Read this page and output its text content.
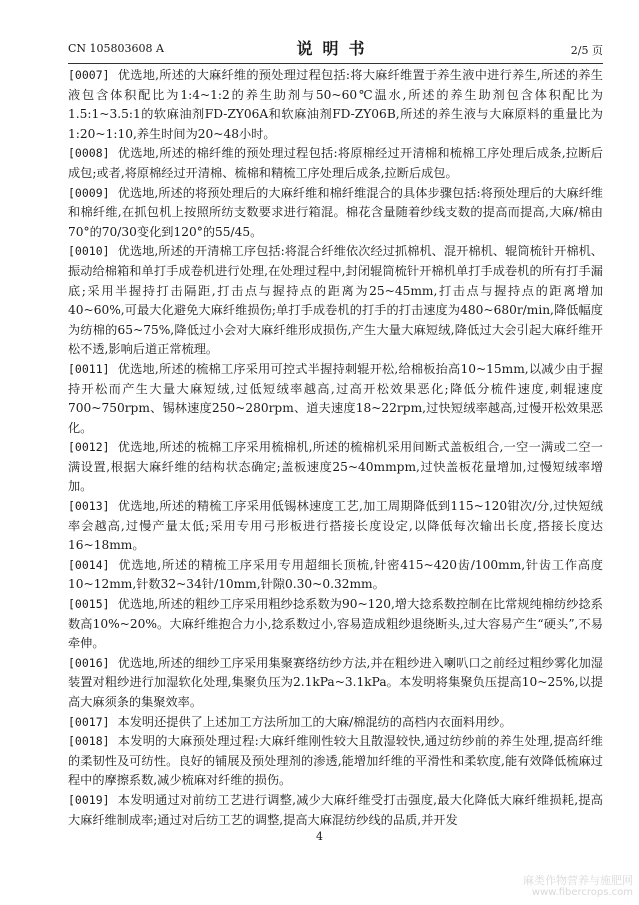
CN 105803608 A	说明书	2/5 页

[0007] 优选地,所述的大麻纤维的预处理过程包括:将大麻纤维置于养生液中进行养生,所述的养生液包含体积配比为1:4~1:2的养生助剂与50~60℃温水,所述的养生助剂包含体积配比为1.5:1~3.5:1的软麻油剂FD-ZY06A和软麻油剂FD-ZY06B,所述的养生液与大麻原料的重量比为1:20~1:10,养生时间为20~48小时。

[0008] 优选地,所述的棉纤维的预处理过程包括:将原棉经过开清棉和梳棉工序处理后成条,拉断后成包;或者,将原棉经过开清棉、梳棉和精梳工序处理后成条,拉断后成包。

[0009] 优选地,所述的将预处理后的大麻纤维和棉纤维混合的具体步骤包括:将预处理后的大麻纤维和棉纤维,在抓包机上按照所纺支数要求进行箱混。棉花含量随着纱线支数的提高而提高,大麻/棉由70°的70/30变化到120°的55/45。

[0010] 优选地,所述的开清棉工序包括:将混合纤维依次经过抓棉机、混开棉机、辊筒梳针开棉机、振动给棉箱和单打手成卷机进行处理,在处理过程中,封闭辊筒梳针开棉机单打手成卷机的所有打手漏底;采用半握持打击隔距,打击点与握持点的距离为25~45mm,打击点与握持点的距离增加40~60%,可最大化避免大麻纤维损伤;单打手成卷机的打手的打击速度为480~680r/min,降低幅度为纺棉的65~75%,降低过小会对大麻纤维形成损伤,产生大量大麻短绒,降低过大会引起大麻纤维开松不透,影响后道正常梳理。

[0011] 优选地,所述的梳棉工序采用可控式半握持刺辊开松,给棉板抬高10~15mm,以减少由于握持开松而产生大量大麻短绒,过低短绒率越高,过高开松效果恶化;降低分梳件速度,刺辊速度700~750rpm、锡林速度250~280rpm、道夫速度18~22rpm,过快短绒率越高,过慢开松效果恶化。

[0012] 优选地,所述的梳棉工序采用梳棉机,所述的梳棉机采用间断式盖板组合,一空一满或二空一满设置,根据大麻纤维的结构状态确定;盖板速度25~40mmpm,过快盖板花量增加,过慢短绒率增加。

[0013] 优选地,所述的精梳工序采用低锡林速度工艺,加工周期降低到115~120钳次/分,过快短绒率会越高,过慢产量太低;采用专用弓形板进行搭接长度设定,以降低每次输出长度,搭接长度达16~18mm。

[0014] 优选地,所述的精梳工序采用专用超细长顶梳,针密415~420齿/100mm,针齿工作高度10~12mm,针数32~34针/10mm,针隙0.30~0.32mm。

[0015] 优选地,所述的粗纱工序采用粗纱捻系数为90~120,增大捻系数控制在比常规纯棉纺纱捻系数高10%~20%。大麻纤维抱合力小,捻系数过小,容易造成粗纱退绕断头,过大容易产生“硬头”,不易牵伸。

[0016] 优选地,所述的细纱工序采用集聚赛络纺纱方法,并在粗纱进入喇叭口之前经过粗纱雾化加湿装置对粗纱进行加湿软化处理,集聚负压为2.1kPa~3.1kPa。本发明将集聚负压提高10~25%,以提高大麻须条的集聚效率。

[0017] 本发明还提供了上述加工方法所加工的大麻/棉混纺的高档内衣面料用纱。

[0018] 本发明的大麻预处理过程:大麻纤维刚性较大且散湿较快,通过纺纱前的养生处理,提高纤维的柔韧性及可纺性。良好的铺展及预处理剂的渗透,能增加纤维的平滑性和柔软度,能有效降低梳麻过程中的摩擦系数,减少梳麻对纤维的损伤。

[0019] 本发明通过对前纺工艺进行调整,减少大麻纤维受打击强度,最大化降低大麻纤维损耗,提高大麻纤维制成率;通过对后纺工艺的调整,提高大麻混纺纱线的品质,并开发

4
麻类作物营养与施肥网
www.fibercrops.com
